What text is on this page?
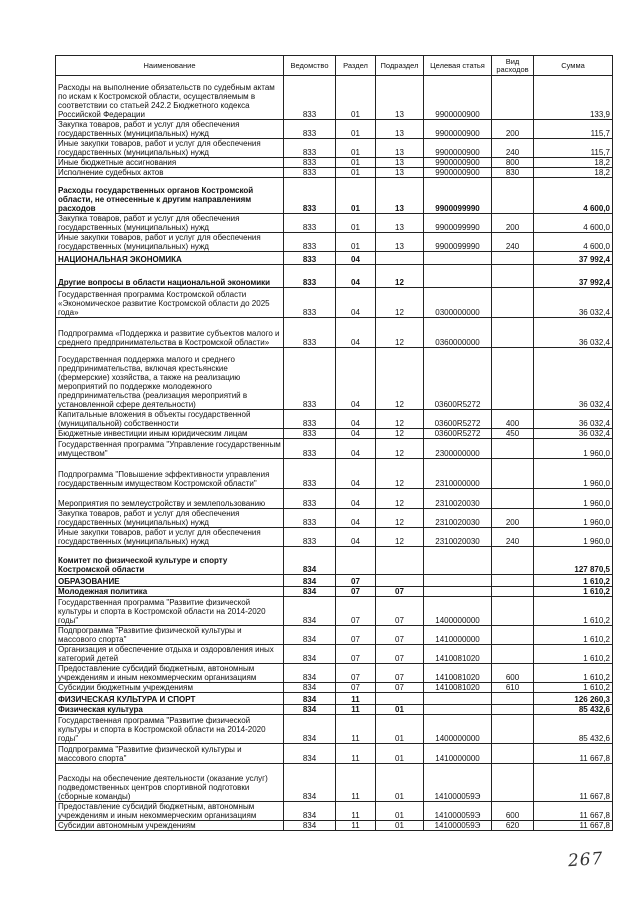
Наименование	Ведомство	Раздел	Подраздел	Целевая статья	Вид расходов	Сумма
Расходы на выполнение обязательств по судебным актам по искам к Костромской области, осуществляемым в соответствии со статьей 242.2 Бюджетного кодекса Российской Федерации	833	01	13	9900000900		133,9
Закупка товаров, работ и услуг для обеспечения государственных (муниципальных) нужд	833	01	13	9900000900	200	115,7
Иные закупки товаров, работ и услуг для обеспечения государственных (муниципальных) нужд	833	01	13	9900000900	240	115,7
Иные бюджетные ассигнования	833	01	13	9900000900	800	18,2
Исполнение судебных актов	833	01	13	9900000900	830	18,2
Расходы государственных органов Костромской области, не отнесенные к другим направлениям расходов	833	01	13	9900099990		4 600,0
Закупка товаров, работ и услуг для обеспечения государственных (муниципальных) нужд	833	01	13	9900099990	200	4 600,0
Иные закупки товаров, работ и услуг для обеспечения государственных (муниципальных) нужд	833	01	13	9900099990	240	4 600,0
НАЦИОНАЛЬНАЯ ЭКОНОМИКА	833	04				37 992,4
Другие вопросы в области национальной экономики	833	04	12			37 992,4
Государственная программа Костромской области «Экономическое развитие Костромской области до 2025 года»	833	04	12	0300000000		36 032,4
Подпрограмма «Поддержка и развитие субъектов малого и среднего предпринимательства в Костромской области»	833	04	12	0360000000		36 032,4
Государственная поддержка малого и среднего предпринимательства, включая крестьянские (фермерские) хозяйства, а также на реализацию мероприятий по поддержке молодежного предпринимательства (реализация мероприятий в установленной сфере деятельности)	833	04	12	03600R5272		36 032,4
Капитальные вложения в объекты государственной (муниципальной) собственности	833	04	12	03600R5272	400	36 032,4
Бюджетные инвестиции иным юридическим лицам	833	04	12	03600R5272	450	36 032,4
Государственная программа "Управление государственным имуществом"	833	04	12	2300000000		1 960,0
Подпрограмма "Повышение эффективности управления государственным имуществом Костромской области"	833	04	12	2310000000		1 960,0
Мероприятия по землеустройству и землепользованию	833	04	12	2310020030		1 960,0
Закупка товаров, работ и услуг для обеспечения государственных (муниципальных) нужд	833	04	12	2310020030	200	1 960,0
Иные закупки товаров, работ и услуг для обеспечения государственных (муниципальных) нужд	833	04	12	2310020030	240	1 960,0
Комитет по физической культуре и спорту Костромской области	834					127 870,5
ОБРАЗОВАНИЕ	834	07				1 610,2
Молодежная политика	834	07	07			1 610,2
Государственная программа "Развитие физической культуры и спорта в Костромской области на 2014-2020 годы"	834	07	07	1400000000		1 610,2
Подпрограмма "Развитие физической культуры и массового спорта"	834	07	07	1410000000		1 610,2
Организация и обеспечение отдыха и оздоровления иных категорий детей	834	07	07	1410081020		1 610,2
Предоставление субсидий бюджетным, автономным учреждениям и иным некоммерческим организациям	834	07	07	1410081020	600	1 610,2
Субсидии бюджетным учреждениям	834	07	07	1410081020	610	1 610,2
ФИЗИЧЕСКАЯ КУЛЬТУРА И СПОРТ	834	11				126 260,3
Физическая культура	834	11	01			85 432,6
Государственная программа "Развитие физической культуры и спорта в Костромской области на 2014-2020 годы"	834	11	01	1400000000		85 432,6
Подпрограмма "Развитие физической культуры и массового спорта"	834	11	01	1410000000		11 667,8
Расходы на обеспечение деятельности (оказание услуг) подведомственных центров спортивной подготовки (сборные команды)	834	11	01	141000059Э		11 667,8
Предоставление субсидий бюджетным, автономным учреждениям и иным некоммерческим организациям	834	11	01	141000059Э	600	11 667,8
Субсидии автономным учреждениям	834	11	01	141000059Э	620	11 667,8
267
